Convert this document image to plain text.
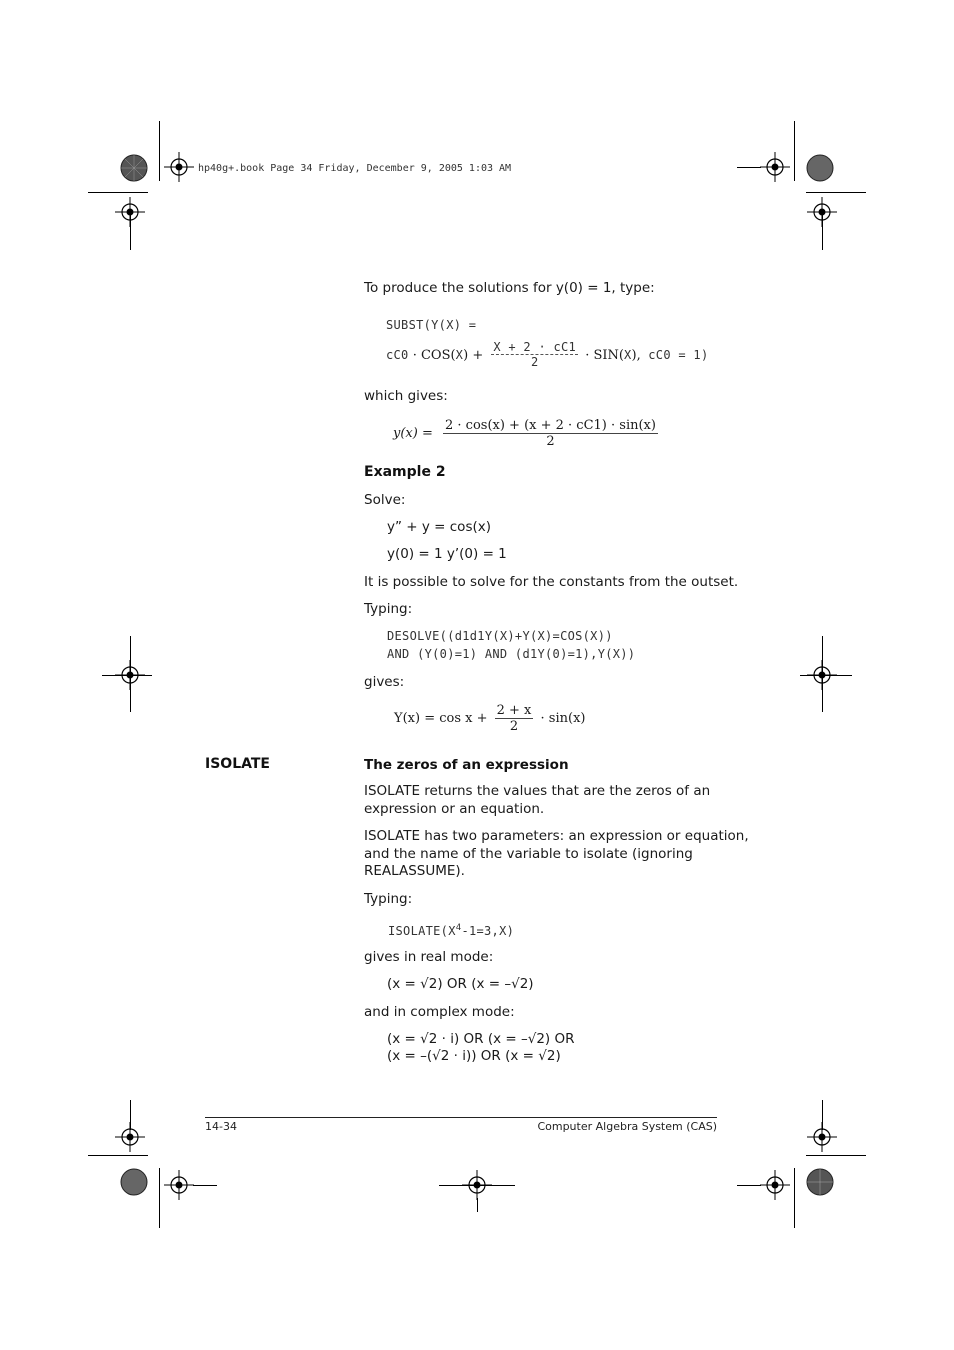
hp40g+.book Page 34 Friday, December 9, 2005 1:03 AM
To produce the solutions for y(0) = 1, type:
SUBST(Y(X) =
$cC0 \cdot COS(X) + \frac{X + 2 \cdot cC1}{2} \cdot SIN(X)$, cC0 = 1)
which gives:
$y(x) = \frac{2 \cdot \cos(x) + (x + 2 \cdot cC1) \cdot \sin(x)}{2}$
Example 2
Solve:
y” + y = cos(x)
y(0) = 1 y’(0) = 1
It is possible to solve for the constants from the outset.
Typing:
DESOLVE((d1d1Y(X)+Y(X)=COS(X))
AND (Y(0)=1) AND (d1Y(0)=1),Y(X))
gives:
$Y(x) = \cos x + \frac{2 + x}{2} \cdot \sin(x)$
ISOLATE	The zeros of an expression
ISOLATE returns the values that are the zeros of an
expression or an equation.
ISOLATE has two parameters: an expression or equation,
and the name of the variable to isolate (ignoring
REALASSUME).
Typing:
$ISOLATE(X^4-1=3,X)$
gives in real mode:
(x = √2) OR (x = –√2)
and in complex mode:
(x = √2 · i) OR (x = –√2) OR
(x = –(√2 · i)) OR (x = √2)
14-34	Computer Algebra System (CAS)
